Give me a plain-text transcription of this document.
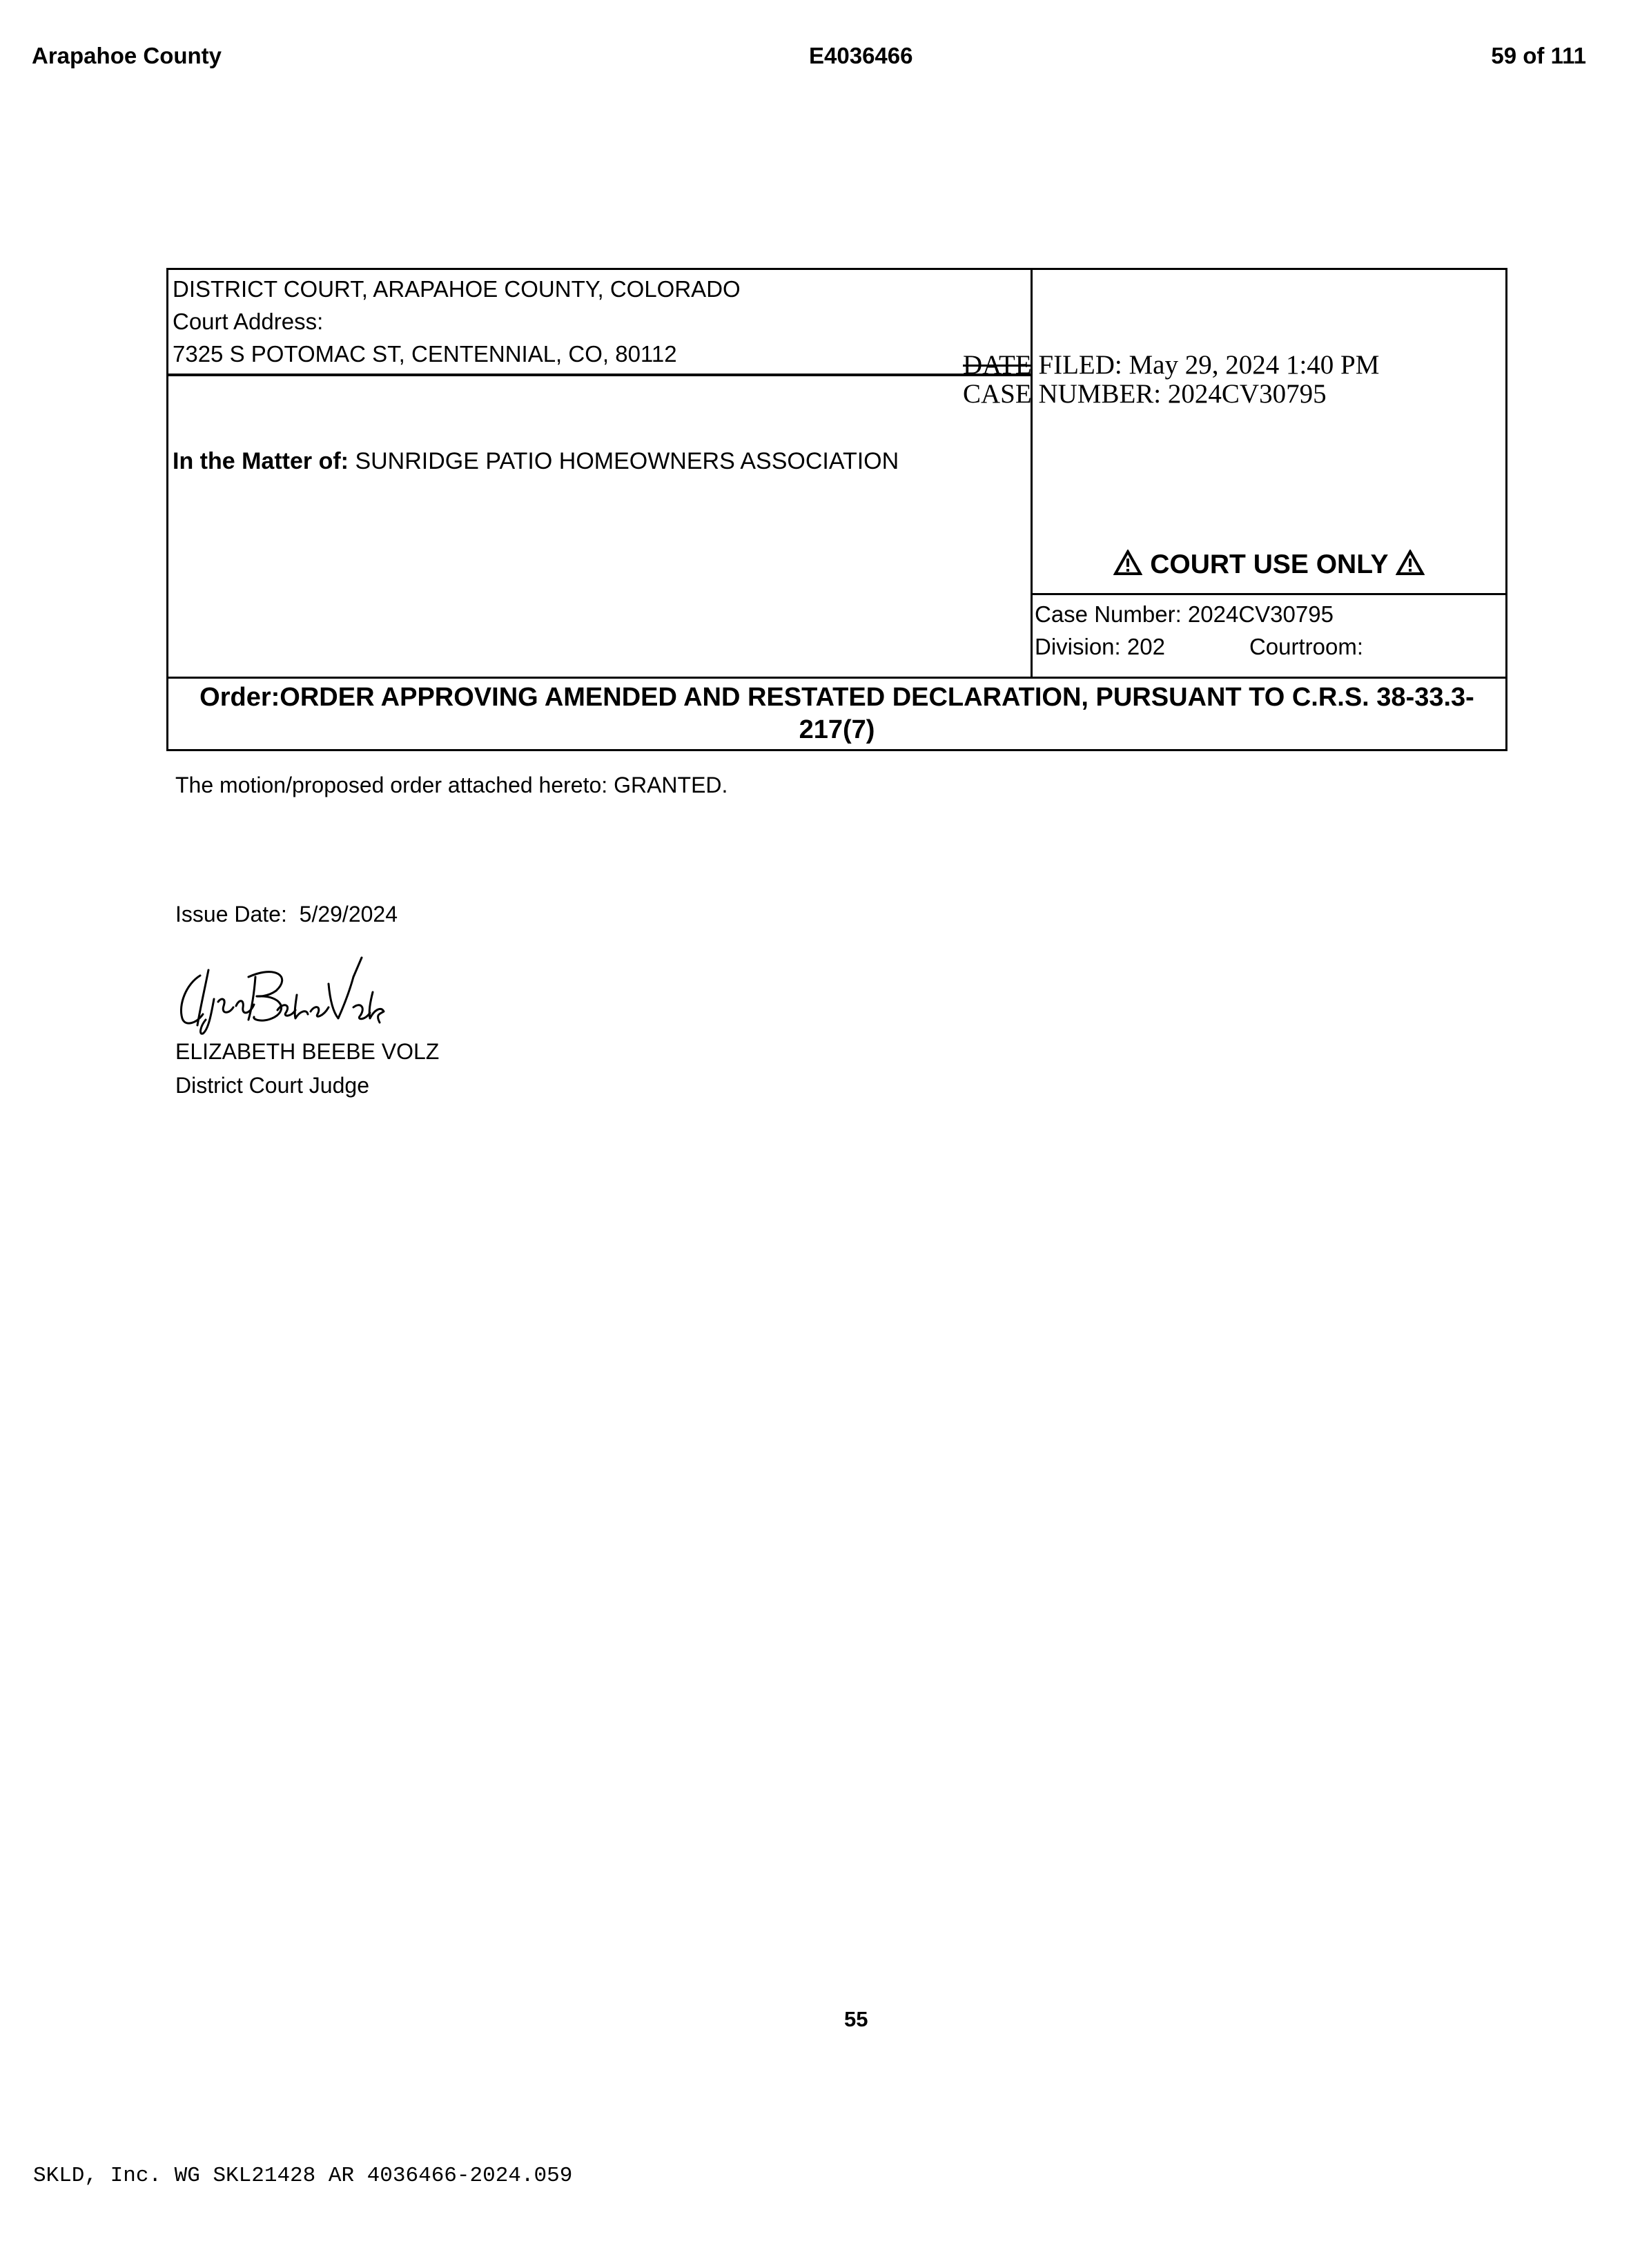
Arapahoe County	E4036466	59 of 111
DISTRICT COURT, ARAPAHOE COUNTY, COLORADO
Court Address:
7325 S POTOMAC ST, CENTENNIAL, CO, 80112	DATE FILED: May 29, 2024 1:40 PM
CASE NUMBER: 2024CV30795
In the Matter of: SUNRIDGE PATIO HOMEOWNERS ASSOCIATION
COURT USE ONLY
Case Number: 2024CV30795
Division: 202	Courtroom:
Order:ORDER APPROVING AMENDED AND RESTATED DECLARATION, PURSUANT TO C.R.S. 38-33.3-
217(7)
The motion/proposed order attached hereto: GRANTED.
Issue Date: 5/29/2024
ELIZABETH BEEBE VOLZ
District Court Judge
55
SKLD, Inc. WG SKL21428 AR 4036466-2024.059
